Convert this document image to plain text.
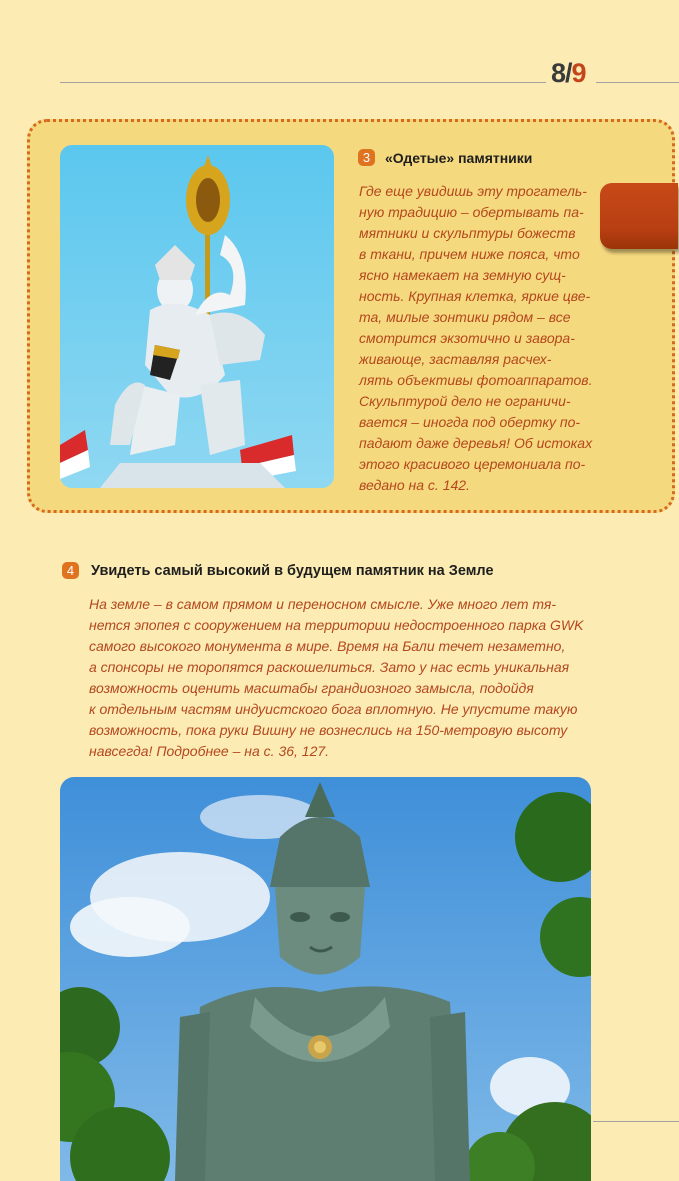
8/9
3	«Одетые» памятники
Где еще увидишь эту трогатель-
ную традицию – обертывать па-
мятники и скульптуры божеств
в ткани, причем ниже пояса, что
ясно намекает на земную сущ-
ность. Крупная клетка, яркие цве-
та, милые зонтики рядом – все
смотрится экзотично и завора-
живающе, заставляя расчех-
лять объективы фотоаппаратов.
Скульптурой дело не ограничи-
вается – иногда под обертку по-
падают даже деревья! Об истоках
этого красивого церемониала по-
ведано на с. 142.
4	Увидеть самый высокий в будущем памятник на Земле
На земле – в самом прямом и переносном смысле. Уже много лет тя-
нется эпопея с сооружением на территории недостроенного парка GWK
самого высокого монумента в мире. Время на Бали течет незаметно,
а спонсоры не торопятся раскошелиться. Зато у нас есть уникальная
возможность оценить масштабы грандиозного замысла, подойдя
к отдельным частям индуистского бога вплотную. Не упустите такую
возможность, пока руки Вишну не вознеслись на 150-метровую высоту
навсегда! Подробнее – на с. 36, 127.
